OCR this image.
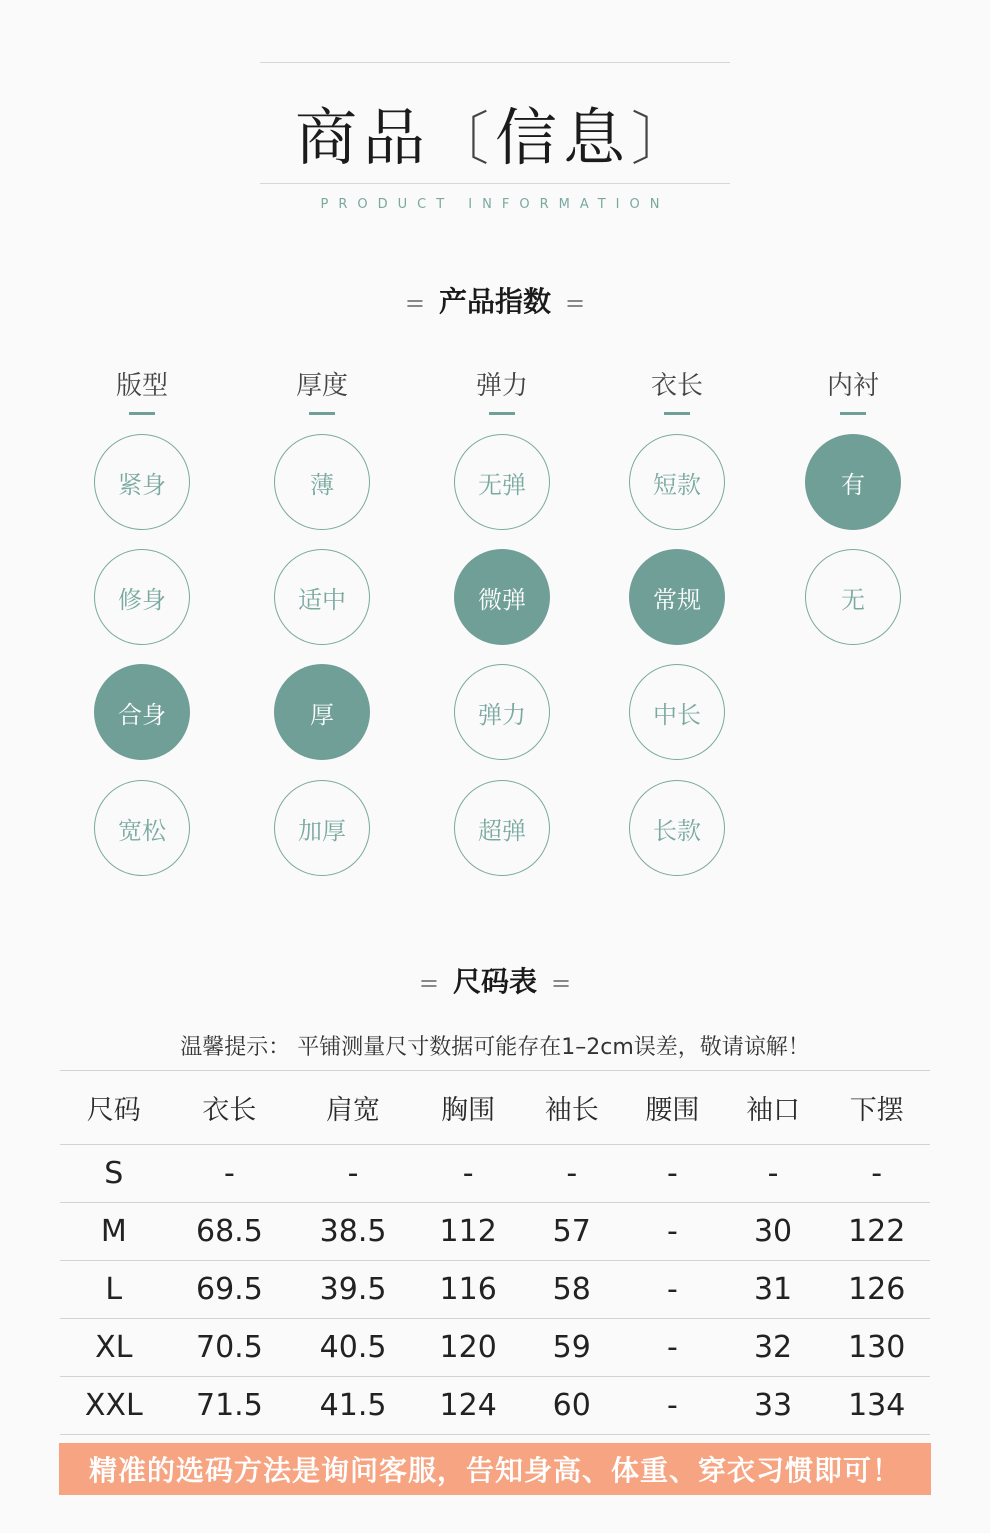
商品〔信息〕
PRODUCT INFORMATION
= 产品指数 =
版型
紧身
修身
合身
宽松
厚度
薄
适中
厚
加厚
弹力
无弹
微弹
弹力
超弹
衣长
短款
常规
中长
长款
内衬
有
无
= 尺码表 =
温馨提示： 平铺测量尺寸数据可能存在1–2cm误差，敬请谅解！
尺码	衣长	肩宽	胸围	袖长	腰围	袖口	下摆
S	-	-	-	-	-	-	-
M	68.5	38.5	112	57	-	30	122
L	69.5	39.5	116	58	-	31	126
XL	70.5	40.5	120	59	-	32	130
XXL	71.5	41.5	124	60	-	33	134
精准的选码方法是询问客服，告知身高、体重、穿衣习惯即可！
